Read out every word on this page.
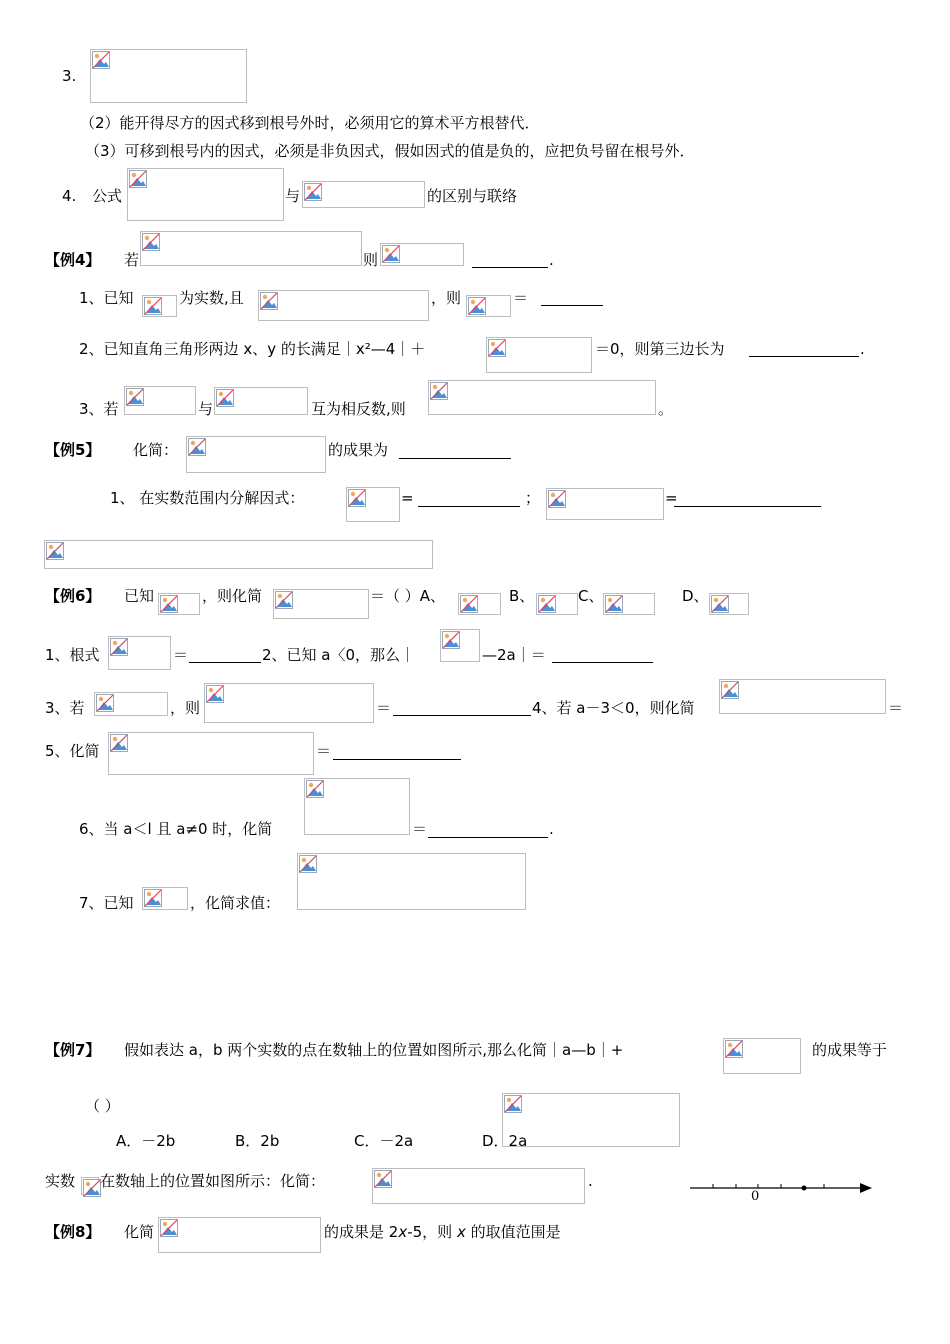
3.
（2）能开得尽方的因式移到根号外时，必须用它的算术平方根替代．
（3）可移到根号内的因式，必须是非负因式，假如因式的值是负的，应把负号留在根号外．
4. 公式	与	的区别与联络
【例4】 若	则	.
1、已知	为实数,且	，则	＝
2、已知直角三角形两边 x、y 的长满足｜x²—4｜＋	＝0，则第三边长为	.
3、若	与	互为相反数,则	。
【例5】 化简：	的成果为
1、 在实数范围内分解因式：	=	；	=
【例6】 已知	，则化简	＝（ ）A、	B、	C、	D、
1、根式	＝	2、已知 a〈0，那么｜	—2a｜＝
3、若	，则	＝	4、若 a－3＜0，则化简	＝
5、化简	＝
6、当 a＜l 且 a≠0 时，化简	＝	.
7、已知	，化简求值：
【例7】 假如表达 a，b 两个实数的点在数轴上的位置如图所示,那么化简｜a—b｜+	的成果等于
（ ）
A．－2b	B．2b	C．－2a	D．2a
实数 在数轴上的位置如图所示：化简：	.
0
【例8】 化简	的成果是 2x-5，则 x 的取值范围是
